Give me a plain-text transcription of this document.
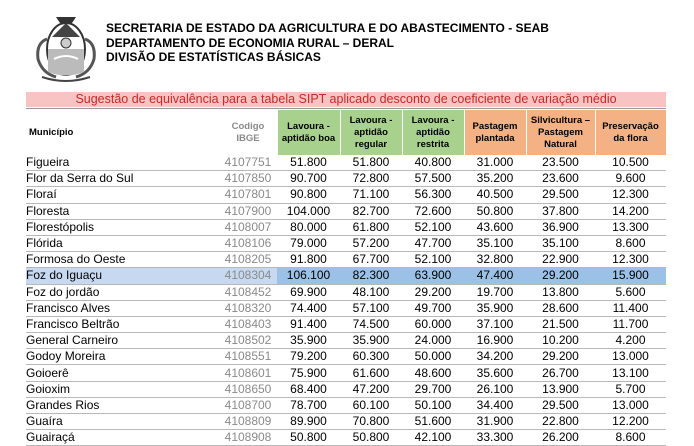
SECRETARIA DE ESTADO DA AGRICULTURA E DO ABASTECIMENTO - SEAB
DEPARTAMENTO DE ECONOMIA RURAL – DERAL
DIVISÃO DE ESTATÍSTICAS BÁSICAS
Sugestão de equivalência para a tabela SIPT aplicado desconto de coeficiente de variação médio
Município	Codigo IBGE	Lavoura - aptidão boa	Lavoura - aptidão regular	Lavoura - aptidão restrita	Pastagem plantada	Silvicultura – Pastagem Natural	Preservação da flora
Figueira	4107751	51.800	51.800	40.800	31.000	23.500	10.500
Flor da Serra do Sul	4107850	90.700	72.800	57.500	35.200	23.600	9.600
Floraí	4107801	90.800	71.100	56.300	40.500	29.500	12.300
Floresta	4107900	104.000	82.700	72.600	50.800	37.800	14.200
Florestópolis	4108007	80.000	61.800	52.100	43.600	36.900	13.300
Flórida	4108106	79.000	57.200	47.700	35.100	35.100	8.600
Formosa do Oeste	4108205	91.800	67.700	52.100	32.800	22.900	12.300
Foz do Iguaçu	4108304	106.100	82.300	63.900	47.400	29.200	15.900
Foz do jordão	4108452	69.900	48.100	29.200	19.700	13.800	5.600
Francisco Alves	4108320	74.400	57.100	49.700	35.900	28.600	11.400
Francisco Beltrão	4108403	91.400	74.500	60.000	37.100	21.500	11.700
General Carneiro	4108502	35.900	35.900	24.000	16.900	10.200	4.200
Godoy Moreira	4108551	79.200	60.300	50.000	34.200	29.200	13.000
Goioerê	4108601	75.900	61.600	48.600	35.600	26.700	13.100
Goioxim	4108650	68.400	47.200	29.700	26.100	13.900	5.700
Grandes Rios	4108700	78.700	60.100	50.100	34.400	29.500	13.000
Guaíra	4108809	89.900	70.800	51.600	31.900	22.800	12.200
Guairaçá	4108908	50.800	50.800	42.100	33.300	26.200	8.600
